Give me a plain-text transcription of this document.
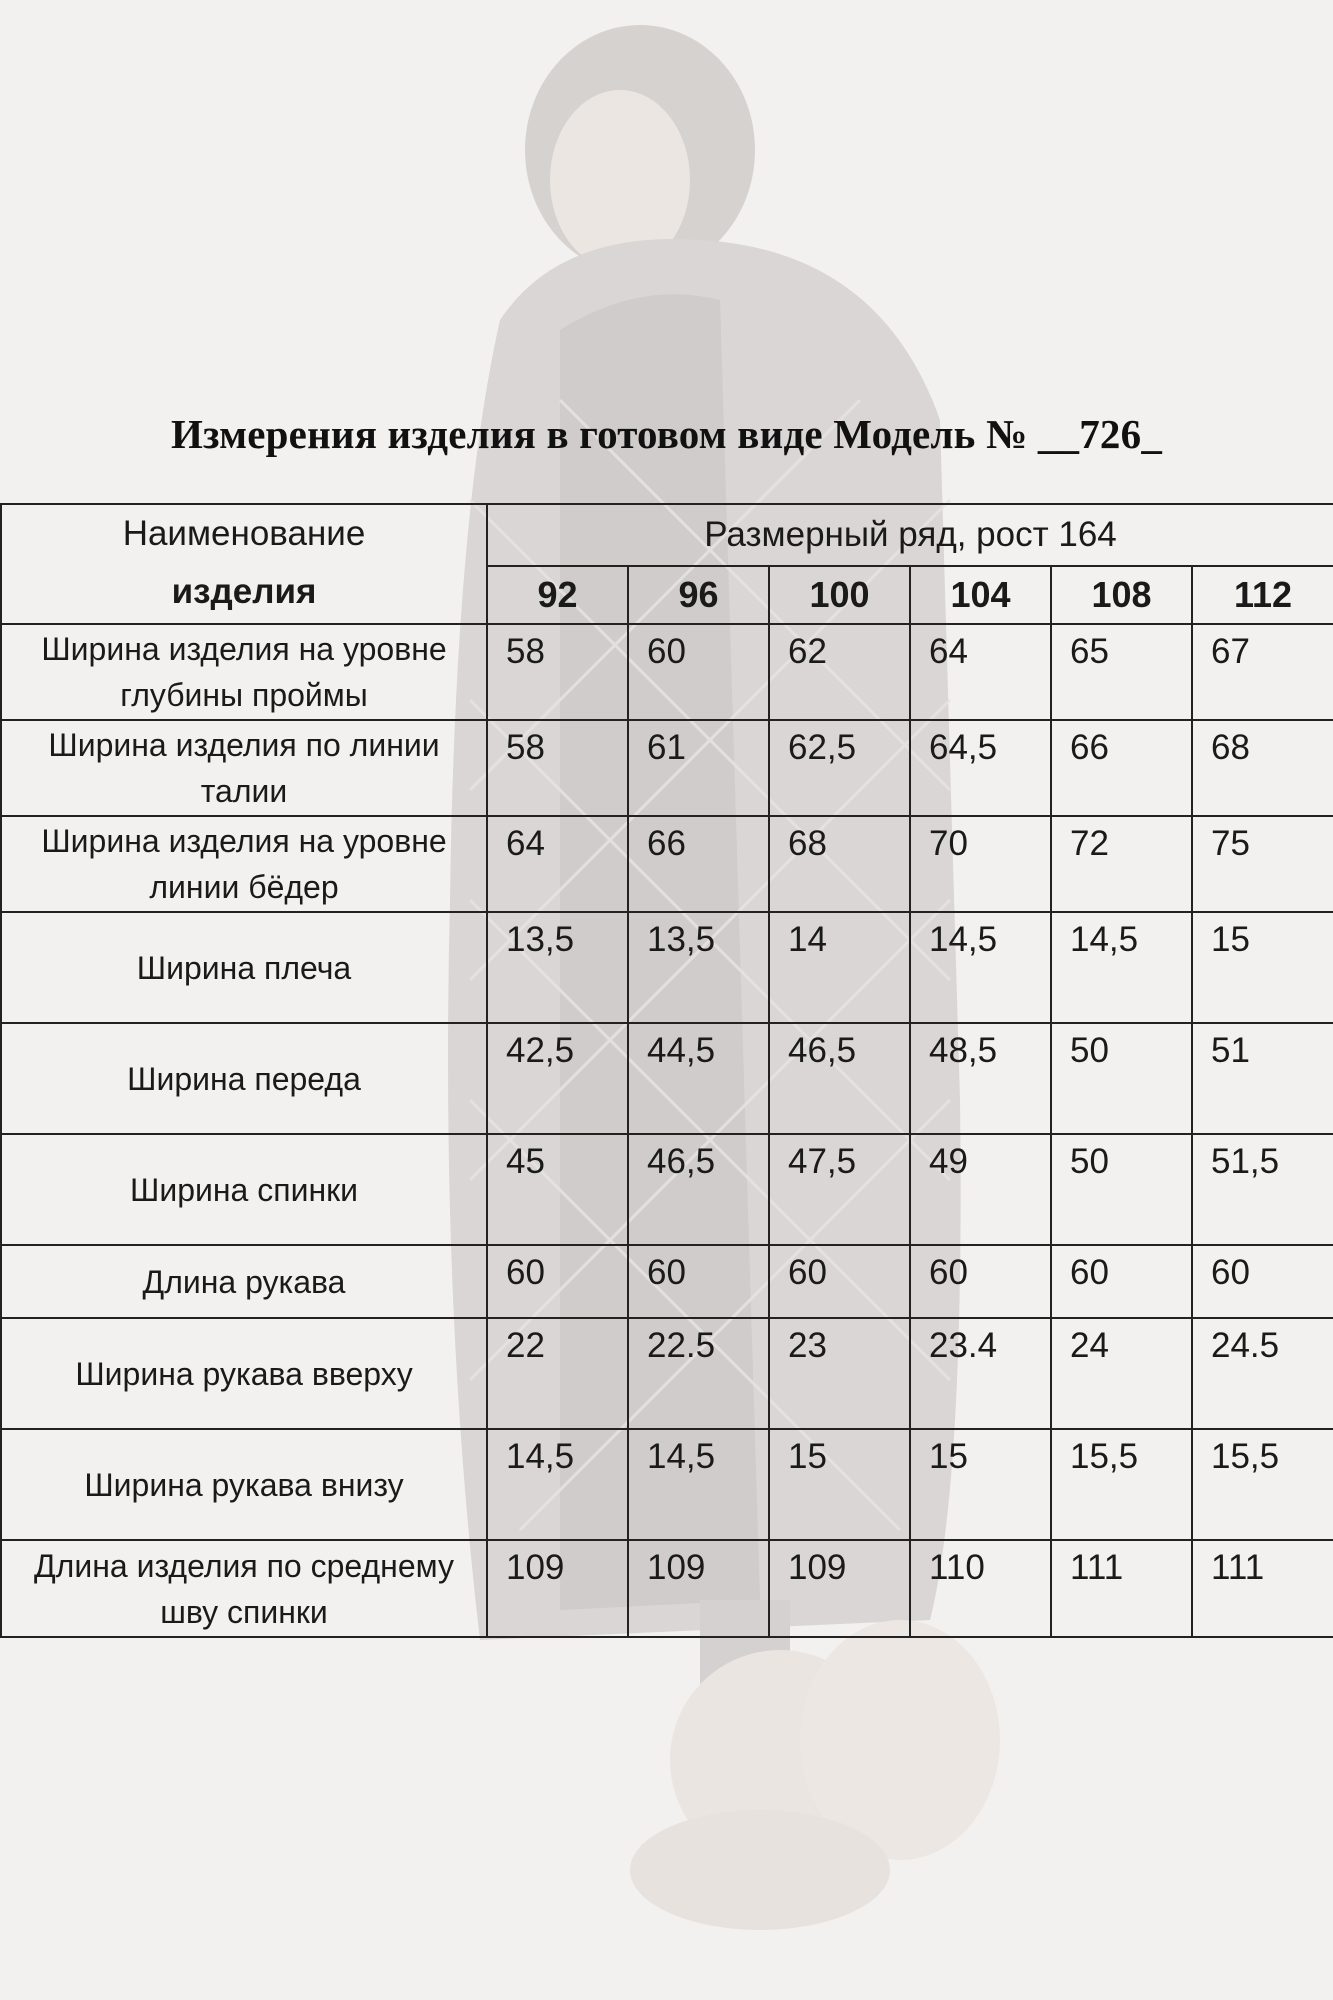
Измерения изделия в готовом виде Модель № __726_
Наименование
изделия	Размерный ряд, рост 164					
	92	96	100	104	108	112
Ширина изделия на уровне глубины проймы	58	60	62	64	65	67
Ширина изделия по линии талии	58	61	62,5	64,5	66	68
Ширина изделия на уровне линии бёдер	64	66	68	70	72	75
Ширина плеча	13,5	13,5	14	14,5	14,5	15
Ширина переда	42,5	44,5	46,5	48,5	50	51
Ширина спинки	45	46,5	47,5	49	50	51,5
Длина рукава	60	60	60	60	60	60
Ширина рукава вверху	22	22.5	23	23.4	24	24.5
Ширина рукава внизу	14,5	14,5	15	15	15,5	15,5
Длина изделия по среднему шву спинки	109	109	109	110	111	111
